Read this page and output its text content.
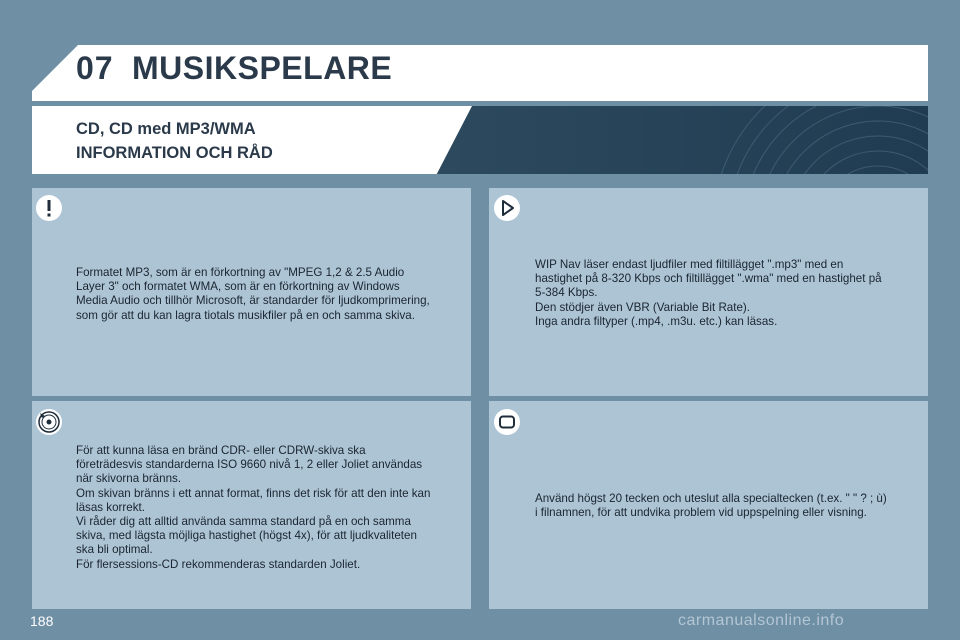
07 MUSIKSPELARE
CD, CD med MP3/WMA
INFORMATION OCH RÅD
Formatet MP3, som är en förkortning av "MPEG 1,2 & 2.5 Audio
Layer 3" och formatet WMA, som är en förkortning av Windows
Media Audio och tillhör Microsoft, är standarder för ljudkomprimering,
som gör att du kan lagra tiotals musikfiler på en och samma skiva.
WIP Nav läser endast ljudfiler med filtillägget ".mp3" med en
hastighet på 8-320 Kbps och filtillägget ".wma" med en hastighet på
5-384 Kbps.
Den stödjer även VBR (Variable Bit Rate).
Inga andra filtyper (.mp4, .m3u. etc.) kan läsas.
För att kunna läsa en bränd CDR- eller CDRW-skiva ska
företrädesvis standarderna ISO 9660 nivå 1, 2 eller Joliet användas
när skivorna bränns.
Om skivan bränns i ett annat format, finns det risk för att den inte kan
läsas korrekt.
Vi råder dig att alltid använda samma standard på en och samma
skiva, med lägsta möjliga hastighet (högst 4x), för att ljudkvaliteten
ska bli optimal.
För flersessions-CD rekommenderas standarden Joliet.
Använd högst 20 tecken och uteslut alla specialtecken (t.ex. " " ? ; ù)
i filnamnen, för att undvika problem vid uppspelning eller visning.
188	carmanualsonline.info
